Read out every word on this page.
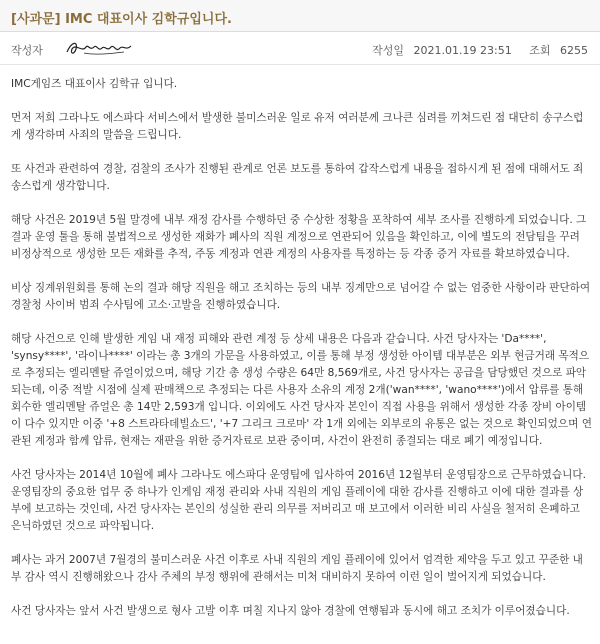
[사과문] IMC 대표이사 김학규입니다.
작성자	작성일 2021.01.19 23:51 조회 6255

IMC게임즈 대표이사 김학규 입니다.

먼저 저희 그라나도 에스파다 서비스에서 발생한 불미스러운 일로 유저 여러분께 크나큰 심려를 끼쳐드린 점 대단히 송구스럽게 생각하며 사죄의 말씀을 드립니다.

또 사건과 관련하여 경찰, 검찰의 조사가 진행된 관계로 언론 보도를 통하여 갑작스럽게 내용을 접하시게 된 점에 대해서도 죄송스럽게 생각합니다.

해당 사건은 2019년 5월 말경에 내부 재정 감사를 수행하던 중 수상한 정황을 포착하여 세부 조사를 진행하게 되었습니다. 그 결과 운영 툴을 통해 불법적으로 생성한 재화가 폐사의 직원 계정으로 연관되어 있음을 확인하고, 이에 별도의 전담팀을 꾸려 비정상적으로 생성한 모든 재화를 추적, 주동 계정과 연관 계정의 사용자를 특정하는 등 각종 증거 자료를 확보하였습니다.

비상 징계위원회를 통해 논의 결과 해당 직원을 해고 조치하는 등의 내부 징계만으로 넘어갈 수 없는 엄중한 사항이라 판단하여 경찰청 사이버 범죄 수사팀에 고소·고발을 진행하였습니다.

해당 사건으로 인해 발생한 게임 내 재정 피해와 관련 계정 등 상세 내용은 다음과 같습니다. 사건 당사자는 'Da****', 'synsy****', '라이나****' 이라는 총 3개의 가문을 사용하였고, 이를 통해 부정 생성한 아이템 대부분은 외부 현금거래 목적으로 추정되는 엘리멘탈 쥬얼이었으며, 해당 기간 총 생성 수량은 64만 8,569개로, 사건 당사자는 공급을 담당했던 것으로 파악되는데, 이중 적발 시점에 실제 판매책으로 추정되는 다른 사용자 소유의 계정 2개('wan****', 'wano****')에서 압류를 통해 회수한 엘리멘탈 쥬얼은 총 14만 2,593개 입니다. 이외에도 사건 당사자 본인이 직접 사용을 위해서 생성한 각종 장비 아이템이 다수 있지만 이중 '+8 스트라타데빌쇼드', '+7 그리크 크로마' 각 1개 외에는 외부로의 유통은 없는 것으로 확인되었으며 연관된 계정과 함께 압류, 현재는 재판을 위한 증거자료로 보관 중이며, 사건이 완전히 종결되는 대로 폐기 예정입니다.

사건 당사자는 2014년 10월에 폐사 그라나도 에스파다 운영팀에 입사하여 2016년 12월부터 운영팀장으로 근무하였습니다. 운영팀장의 중요한 업무 중 하나가 인게임 재정 관리와 사내 직원의 게임 플레이에 대한 감사를 진행하고 이에 대한 결과를 상부에 보고하는 것인데, 사건 당사자는 본인의 성실한 관리 의무를 저버리고 매 보고에서 이러한 비리 사실을 철저히 은폐하고 은닉하였던 것으로 파악됩니다.

폐사는 과거 2007년 7월경의 불미스러운 사건 이후로 사내 직원의 게임 플레이에 있어서 엄격한 제약을 두고 있고 꾸준한 내부 감사 역시 진행해왔으나 감사 주체의 부정 행위에 관해서는 미처 대비하지 못하여 이런 일이 벌어지게 되었습니다.

사건 당사자는 앞서 사건 발생으로 형사 고발 이후 며칠 지나지 않아 경찰에 연행됨과 동시에 해고 조치가 이루어졌습니다.
